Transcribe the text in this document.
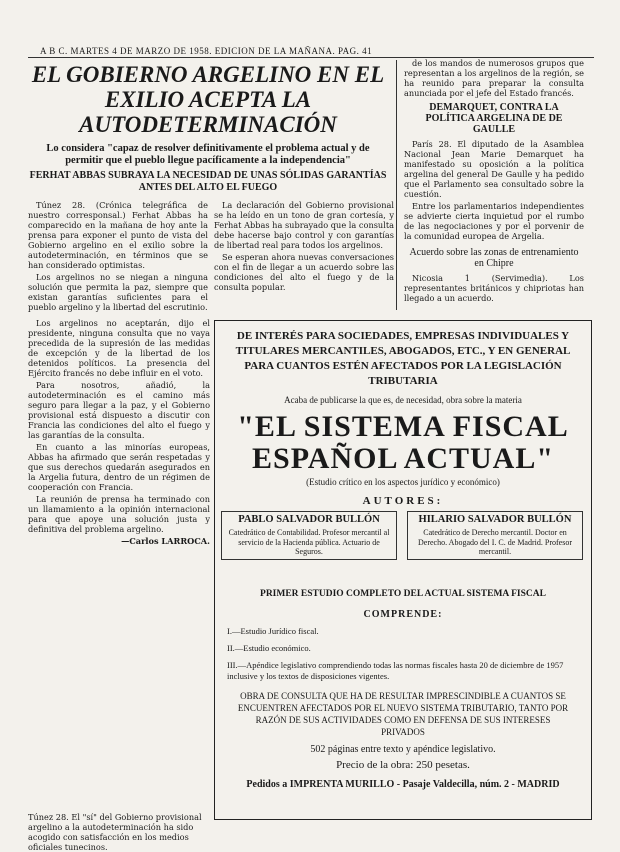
A B C. MARTES 4 DE MARZO DE 1958. EDICION DE LA MAÑANA. PAG. 41
EL GOBIERNO ARGELINO EN EL EXILIO ACEPTA LA AUTODETERMINACIÓN
Lo considera "capaz de resolver definitivamente el problema actual y de permitir que el pueblo llegue pacíficamente a la independencia"
FERHAT ABBAS SUBRAYA LA NECESIDAD DE UNAS SÓLIDAS GARANTÍAS ANTES DEL ALTO EL FUEGO

Túnez 28. (Crónica telegráfica de nuestro corresponsal.) Ferhat Abbas ha comparecido en la mañana de hoy ante la prensa para exponer el punto de vista del Gobierno argelino en el exilio sobre la autodeterminación, en términos que se han considerado optimistas.

Los argelinos no se niegan a ninguna solución que permita la paz, siempre que existan garantías suficientes para el pueblo argelino y la libertad del escrutinio.

La declaración del Gobierno provisional se ha leído en un tono de gran cortesía, y Ferhat Abbas ha subrayado que la consulta debe hacerse bajo control y con garantías de libertad real para todos los argelinos.

Se esperan ahora nuevas conversaciones con el fin de llegar a un acuerdo sobre las condiciones del alto el fuego y de la consulta popular.

Los argelinos no aceptarán, dijo el presidente, ninguna consulta que no vaya precedida de la supresión de las medidas de excepción y de la libertad de los detenidos políticos. La presencia del Ejército francés no debe influir en el voto.

Para nosotros, añadió, la autodeterminación es el camino más seguro para llegar a la paz, y el Gobierno provisional está dispuesto a discutir con Francia las condiciones del alto el fuego y las garantías de la consulta.

En cuanto a las minorías europeas, Abbas ha afirmado que serán respetadas y que sus derechos quedarán asegurados en la Argelia futura, dentro de un régimen de cooperación con Francia.

La reunión de prensa ha terminado con un llamamiento a la opinión internacional para que apoye una solución justa y definitiva del problema argelino.

—Carlos LARROCA.
Túnez 28. El "sí" del Gobierno provisional argelino a la autodeterminación ha sido acogido con satisfacción en los medios oficiales tunecinos.

de los mandos de numerosos grupos que representan a los argelinos de la región, se ha reunido para preparar la consulta anunciada por el jefe del Estado francés.

DEMARQUET, CONTRA LA POLÍTICA ARGELINA DE DE GAULLE

París 28. El diputado de la Asamblea Nacional Jean Marie Demarquet ha manifestado su oposición a la política argelina del general De Gaulle y ha pedido que el Parlamento sea consultado sobre la cuestión.

Entre los parlamentarios independientes se advierte cierta inquietud por el rumbo de las negociaciones y por el porvenir de la comunidad europea de Argelia.

Acuerdo sobre las zonas de entrenamiento en Chipre

Nicosia 1 (Servimedia). Los representantes británicos y chipriotas han llegado a un acuerdo.

DE INTERÉS PARA SOCIEDADES, EMPRESAS INDIVIDUALES Y TITULARES MERCANTILES, ABOGADOS, ETC., Y EN GENERAL PARA CUANTOS ESTÉN AFECTADOS POR LA LEGISLACIÓN TRIBUTARIA
Acaba de publicarse la que es, de necesidad, obra sobre la materia
"EL SISTEMA FISCAL ESPAÑOL ACTUAL"
(Estudio crítico en los aspectos jurídico y económico)
AUTORES:
PABLO SALVADOR BULLÓN
Catedrático de Contabilidad. Profesor mercantil al servicio de la Hacienda pública. Actuario de Seguros.
HILARIO SALVADOR BULLÓN
Catedrático de Derecho mercantil. Doctor en Derecho. Abogado del I. C. de Madrid. Profesor mercantil.
PRIMER ESTUDIO COMPLETO DEL ACTUAL SISTEMA FISCAL
COMPRENDE:
I.—Estudio Jurídico fiscal.
II.—Estudio económico.
III.—Apéndice legislativo comprendiendo todas las normas fiscales hasta 20 de diciembre de 1957 inclusive y los textos de disposiciones vigentes.
OBRA DE CONSULTA QUE HA DE RESULTAR IMPRESCINDIBLE A CUANTOS SE ENCUENTREN AFECTADOS POR EL NUEVO SISTEMA TRIBUTARIO, TANTO POR RAZÓN DE SUS ACTIVIDADES COMO EN DEFENSA DE SUS INTERESES PRIVADOS
502 páginas entre texto y apéndice legislativo.
Precio de la obra: 250 pesetas.
Pedidos a IMPRENTA MURILLO - Pasaje Valdecilla, núm. 2 - MADRID
